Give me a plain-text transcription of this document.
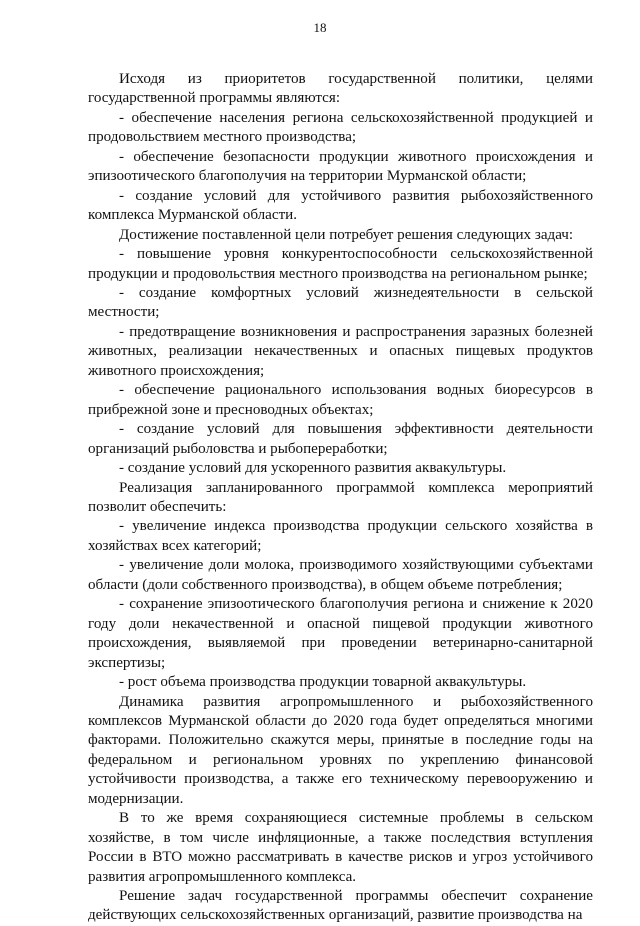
18

Исходя из приоритетов государственной политики, целями государственной программы являются:

- обеспечение населения региона сельскохозяйственной продукцией и продовольствием местного производства;

- обеспечение безопасности продукции животного происхождения и эпизоотического благополучия на территории Мурманской области;

- создание условий для устойчивого развития рыбохозяйственного комплекса Мурманской области.

Достижение поставленной цели потребует решения следующих задач:

- повышение уровня конкурентоспособности сельскохозяйственной продукции и продовольствия местного производства на региональном рынке;

- создание комфортных условий жизнедеятельности в сельской местности;

- предотвращение возникновения и распространения заразных болезней животных, реализации некачественных и опасных пищевых продуктов животного происхождения;

- обеспечение рационального использования водных биоресурсов в прибрежной зоне и пресноводных объектах;

- создание условий для повышения эффективности деятельности организаций рыболовства и рыбопереработки;

- создание условий для ускоренного развития аквакультуры.

Реализация запланированного программой комплекса мероприятий позволит обеспечить:

- увеличение индекса производства продукции сельского хозяйства в хозяйствах всех категорий;

- увеличение доли молока, производимого хозяйствующими субъектами области (доли собственного производства), в общем объеме потребления;

- сохранение эпизоотического благополучия региона и снижение к 2020 году доли некачественной и опасной пищевой продукции животного происхождения, выявляемой при проведении ветеринарно-санитарной экспертизы;

- рост объема производства продукции товарной аквакультуры.

Динамика развития агропромышленного и рыбохозяйственного комплексов Мурманской области до 2020 года будет определяться многими факторами. Положительно скажутся меры, принятые в последние годы на федеральном и региональном уровнях по укреплению финансовой устойчивости производства, а также его техническому перевооружению и модернизации.

В то же время сохраняющиеся системные проблемы в сельском хозяйстве, в том числе инфляционные, а также последствия вступления России в ВТО можно рассматривать в качестве рисков и угроз устойчивого развития агропромышленного комплекса.

Решение задач государственной программы обеспечит сохранение действующих сельскохозяйственных организаций, развитие производства на
